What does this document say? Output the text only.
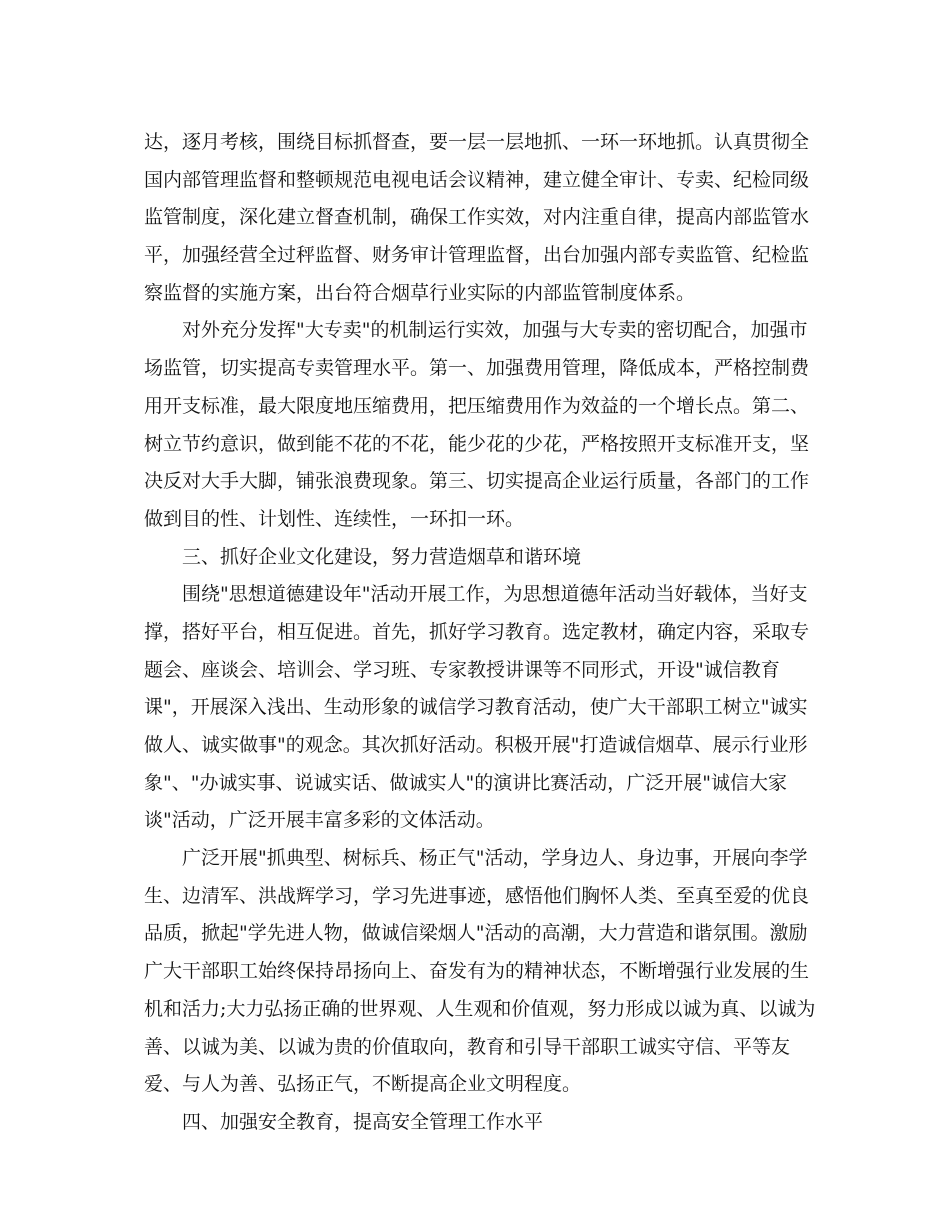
达，逐月考核，围绕目标抓督查，要一层一层地抓、一环一环地抓。认真贯彻全
国内部管理监督和整顿规范电视电话会议精神，建立健全审计、专卖、纪检同级
监管制度，深化建立督查机制，确保工作实效，对内注重自律，提高内部监管水
平，加强经营全过秤监督、财务审计管理监督，出台加强内部专卖监管、纪检监
察监督的实施方案，出台符合烟草行业实际的内部监管制度体系。
对外充分发挥"大专卖"的机制运行实效，加强与大专卖的密切配合，加强市
场监管，切实提高专卖管理水平。第一、加强费用管理，降低成本，严格控制费
用开支标准，最大限度地压缩费用，把压缩费用作为效益的一个增长点。第二、
树立节约意识，做到能不花的不花，能少花的少花，严格按照开支标准开支，坚
决反对大手大脚，铺张浪费现象。第三、切实提高企业运行质量，各部门的工作
做到目的性、计划性、连续性，一环扣一环。
三、抓好企业文化建设，努力营造烟草和谐环境
围绕"思想道德建设年"活动开展工作，为思想道德年活动当好载体，当好支
撑，搭好平台，相互促进。首先，抓好学习教育。选定教材，确定内容，采取专
题会、座谈会、培训会、学习班、专家教授讲课等不同形式，开设"诚信教育
课"，开展深入浅出、生动形象的诚信学习教育活动，使广大干部职工树立"诚实
做人、诚实做事"的观念。其次抓好活动。积极开展"打造诚信烟草、展示行业形
象"、"办诚实事、说诚实话、做诚实人"的演讲比赛活动，广泛开展"诚信大家
谈"活动，广泛开展丰富多彩的文体活动。
广泛开展"抓典型、树标兵、杨正气"活动，学身边人、身边事，开展向李学
生、边清军、洪战辉学习，学习先进事迹，感悟他们胸怀人类、至真至爱的优良
品质，掀起"学先进人物，做诚信梁烟人"活动的高潮，大力营造和谐氛围。激励
广大干部职工始终保持昂扬向上、奋发有为的精神状态，不断增强行业发展的生
机和活力;大力弘扬正确的世界观、人生观和价值观，努力形成以诚为真、以诚为
善、以诚为美、以诚为贵的价值取向，教育和引导干部职工诚实守信、平等友
爱、与人为善、弘扬正气，不断提高企业文明程度。
四、加强安全教育，提高安全管理工作水平
